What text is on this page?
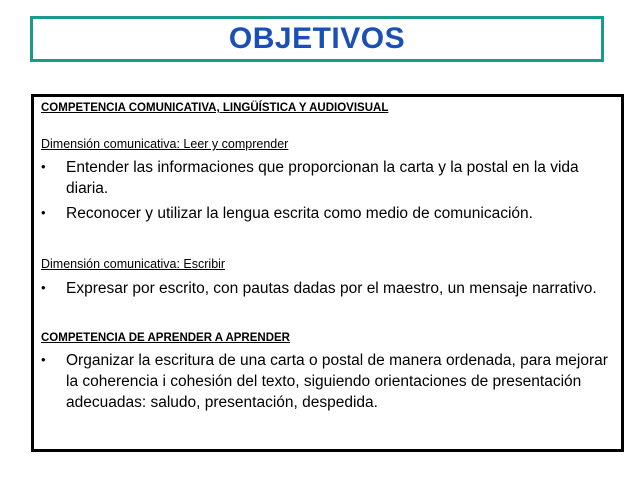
OBJETIVOS
COMPETENCIA COMUNICATIVA, LINGÜÍSTICA Y AUDIOVISUAL
Dimensión comunicativa: Leer y comprender
•	Entender las informaciones que proporcionan la carta y la postal en la vida diaria.
•	Reconocer y utilizar la lengua escrita como medio de comunicación.
Dimensión comunicativa: Escribir
•	Expresar por escrito, con pautas dadas por el maestro, un mensaje narrativo.
COMPETENCIA DE APRENDER A APRENDER
•	Organizar la escritura de una carta o postal de manera ordenada, para mejorar la coherencia i cohesión del texto, siguiendo orientaciones de presentación adecuadas: saludo, presentación, despedida.
